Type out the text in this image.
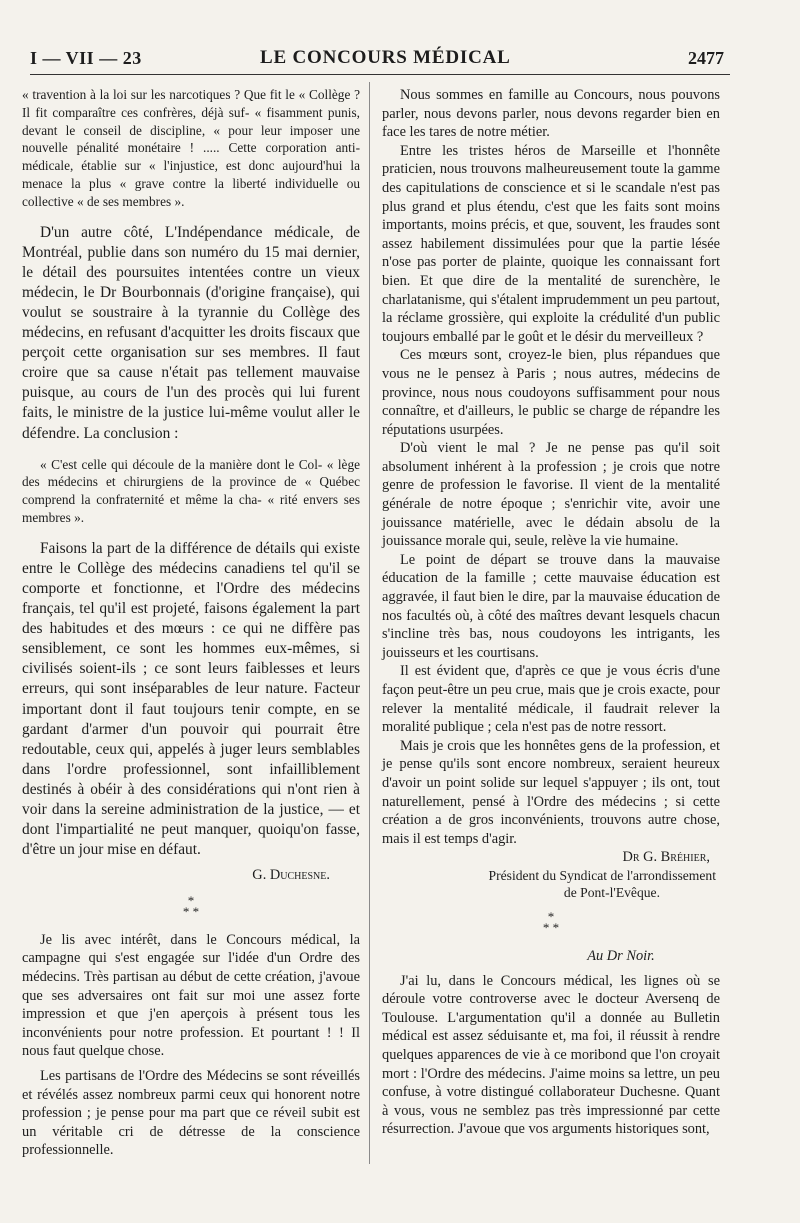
I — VII — 23	LE CONCOURS MÉDICAL	2477

« travention à la loi sur les narcotiques ? Que fit le « Collège ? Il fit comparaître ces confrères, déjà suf- « fisamment punis, devant le conseil de discipline, « pour leur imposer une nouvelle pénalité monétaire ! ..... Cette corporation anti-médicale, établie sur « l'injustice, est donc aujourd'hui la menace la plus « grave contre la liberté individuelle ou collective « de ses membres ».

D'un autre côté, L'Indépendance médicale, de Montréal, publie dans son numéro du 15 mai dernier, le détail des poursuites intentées contre un vieux médecin, le Dr Bourbonnais (d'origine française), qui voulut se soustraire à la tyrannie du Collège des médecins, en refusant d'acquitter les droits fiscaux que perçoit cette organisation sur ses membres. Il faut croire que sa cause n'était pas tellement mauvaise puisque, au cours de l'un des procès qui lui furent faits, le ministre de la justice lui-même voulut aller le défendre. La conclusion :

« C'est celle qui découle de la manière dont le Col- « lège des médecins et chirurgiens de la province de « Québec comprend la confraternité et même la cha- « rité envers ses membres ».

Faisons la part de la différence de détails qui existe entre le Collège des médecins canadiens tel qu'il se comporte et fonctionne, et l'Ordre des médecins français, tel qu'il est projeté, faisons également la part des habitudes et des mœurs : ce qui ne diffère pas sensiblement, ce sont les hommes eux-mêmes, si civilisés soient-ils ; ce sont leurs faiblesses et leurs erreurs, qui sont inséparables de leur nature. Facteur important dont il faut toujours tenir compte, en se gardant d'armer d'un pouvoir qui pourrait être redoutable, ceux qui, appelés à juger leurs semblables dans l'ordre professionnel, sont infailliblement destinés à obéir à des considérations qui n'ont rien à voir dans la sereine administration de la justice, — et dont l'impartialité ne peut manquer, quoiqu'on fasse, d'être un jour mise en défaut.

G. Duchesne.

*
* *

Je lis avec intérêt, dans le Concours médical, la campagne qui s'est engagée sur l'idée d'un Ordre des médecins. Très partisan au début de cette création, j'avoue que ses adversaires ont fait sur moi une assez forte impression et que j'en aperçois à présent tous les inconvénients pour notre profession. Et pourtant ! ! Il nous faut quelque chose.

Les partisans de l'Ordre des Médecins se sont réveillés et révélés assez nombreux parmi ceux qui honorent notre profession ; je pense pour ma part que ce réveil subit est un véritable cri de détresse de la conscience professionnelle.

Nous sommes en famille au Concours, nous pouvons parler, nous devons parler, nous devons regarder bien en face les tares de notre métier.

Entre les tristes héros de Marseille et l'honnête praticien, nous trouvons malheureusement toute la gamme des capitulations de conscience et si le scandale n'est pas plus grand et plus étendu, c'est que les faits sont moins importants, moins précis, et que, souvent, les fraudes sont assez habilement dissimulées pour que la partie lésée n'ose pas porter de plainte, quoique les connaissant fort bien. Et que dire de la mentalité de surenchère, le charlatanisme, qui s'étalent imprudemment un peu partout, la réclame grossière, qui exploite la crédulité d'un public toujours emballé par le goût et le désir du merveilleux ?

Ces mœurs sont, croyez-le bien, plus répandues que vous ne le pensez à Paris ; nous autres, médecins de province, nous nous coudoyons suffisamment pour nous connaître, et d'ailleurs, le public se charge de répandre les réputations usurpées.

D'où vient le mal ? Je ne pense pas qu'il soit absolument inhérent à la profession ; je crois que notre genre de profession le favorise. Il vient de la mentalité générale de notre époque ; s'enrichir vite, avoir une jouissance matérielle, avec le dédain absolu de la jouissance morale qui, seule, relève la vie humaine.

Le point de départ se trouve dans la mauvaise éducation de la famille ; cette mauvaise éducation est aggravée, il faut bien le dire, par la mauvaise éducation de nos facultés où, à côté des maîtres devant lesquels chacun s'incline très bas, nous coudoyons les intrigants, les jouisseurs et les courtisans.

Il est évident que, d'après ce que je vous écris d'une façon peut-être un peu crue, mais que je crois exacte, pour relever la mentalité médicale, il faudrait relever la moralité publique ; cela n'est pas de notre ressort.

Mais je crois que les honnêtes gens de la profession, et je pense qu'ils sont encore nombreux, seraient heureux d'avoir un point solide sur lequel s'appuyer ; ils ont, tout naturellement, pensé à l'Ordre des médecins ; si cette création a de gros inconvénients, trouvons autre chose, mais il est temps d'agir.

Dr G. Bréhier,

Président du Syndicat de l'arrondissement

de Pont-l'Evêque.

*
* *

Au Dr Noir.

J'ai lu, dans le Concours médical, les lignes où se déroule votre controverse avec le docteur Aversenq de Toulouse. L'argumentation qu'il a donnée au Bulletin médical est assez séduisante et, ma foi, il réussit à rendre quelques apparences de vie à ce moribond que l'on croyait mort : l'Ordre des médecins. J'aime moins sa lettre, un peu confuse, à votre distingué collaborateur Duchesne. Quant à vous, vous ne semblez pas très impressionné par cette résurrection. J'avoue que vos arguments historiques sont,
